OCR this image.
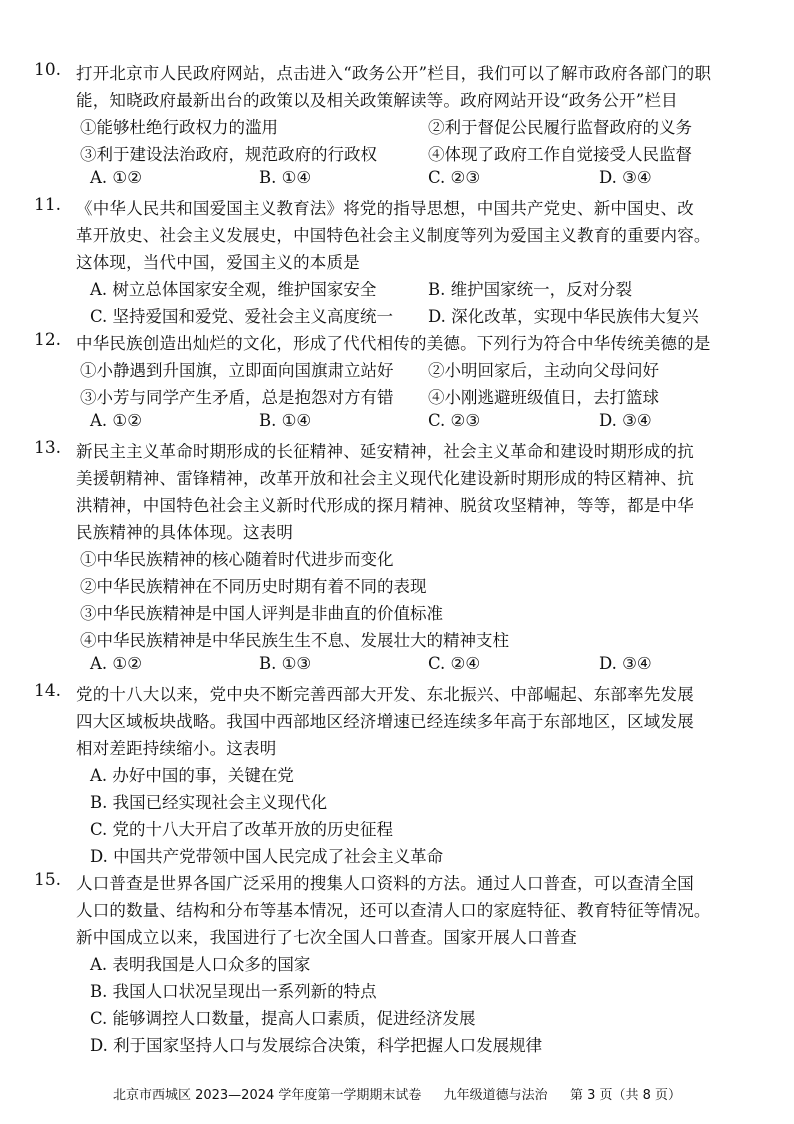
10. 打开北京市人民政府网站，点击进入“政务公开”栏目，我们可以了解市政府各部门的职
能，知晓政府最新出台的政策以及相关政策解读等。政府网站开设“政务公开”栏目
①能够杜绝行政权力的滥用	②利于督促公民履行监督政府的义务
③利于建设法治政府，规范政府的行政权	④体现了政府工作自觉接受人民监督
A. ①②	B. ①④	C. ②③	D. ③④
11. 《中华人民共和国爱国主义教育法》将党的指导思想，中国共产党史、新中国史、改
革开放史、社会主义发展史，中国特色社会主义制度等列为爱国主义教育的重要内容。
这体现，当代中国，爱国主义的本质是
A. 树立总体国家安全观，维护国家安全	B. 维护国家统一，反对分裂
C. 坚持爱国和爱党、爱社会主义高度统一 D. 深化改革，实现中华民族伟大复兴
12. 中华民族创造出灿烂的文化，形成了代代相传的美德。下列行为符合中华传统美德的是
①小静遇到升国旗，立即面向国旗肃立站好 ②小明回家后，主动向父母问好
③小芳与同学产生矛盾，总是抱怨对方有错 ④小刚逃避班级值日，去打篮球
A. ①②	B. ①④	C. ②③	D. ③④
13. 新民主主义革命时期形成的长征精神、延安精神，社会主义革命和建设时期形成的抗
美援朝精神、雷锋精神，改革开放和社会主义现代化建设新时期形成的特区精神、抗
洪精神，中国特色社会主义新时代形成的探月精神、脱贫攻坚精神，等等，都是中华
民族精神的具体体现。这表明
①中华民族精神的核心随着时代进步而变化
②中华民族精神在不同历史时期有着不同的表现
③中华民族精神是中国人评判是非曲直的价值标准
④中华民族精神是中华民族生生不息、发展壮大的精神支柱
A. ①②	B. ①③	C. ②④	D. ③④
14. 党的十八大以来，党中央不断完善西部大开发、东北振兴、中部崛起、东部率先发展
四大区域板块战略。我国中西部地区经济增速已经连续多年高于东部地区，区域发展
相对差距持续缩小。这表明
A. 办好中国的事，关键在党
B. 我国已经实现社会主义现代化
C. 党的十八大开启了改革开放的历史征程
D. 中国共产党带领中国人民完成了社会主义革命
15. 人口普查是世界各国广泛采用的搜集人口资料的方法。通过人口普查，可以查清全国
人口的数量、结构和分布等基本情况，还可以查清人口的家庭特征、教育特征等情况。
新中国成立以来，我国进行了七次全国人口普查。国家开展人口普查
A. 表明我国是人口众多的国家
B. 我国人口状况呈现出一系列新的特点
C. 能够调控人口数量，提高人口素质，促进经济发展
D. 利于国家坚持人口与发展综合决策，科学把握人口发展规律
北京市西城区 2023—2024 学年度第一学期期末试卷 九年级道德与法治 第 3 页（共 8 页）
